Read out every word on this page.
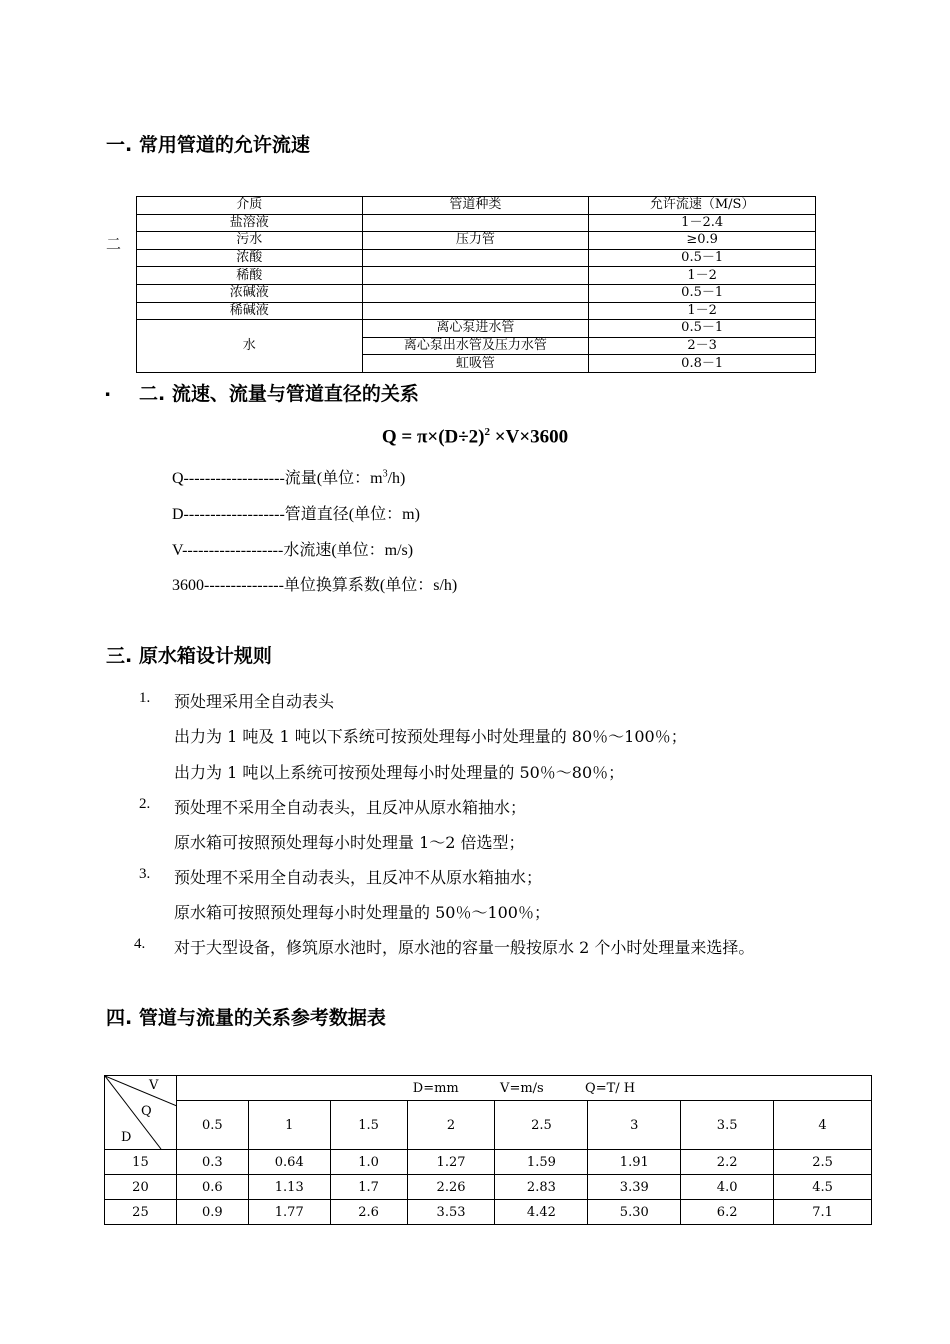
一. 常用管道的允许流速
二
介质	管道种类	允许流速（M/S）
盐溶液		1－2.4
污水	压力管	≥0.9
浓酸		0.5－1
稀酸		1－2
浓碱液		0.5－1
稀碱液		1－2
水	离心泵进水管	0.5－1
	离心泵出水管及压力水管	2－3
	虹吸管	0.8－1
. 二. 流速、流量与管道直径的关系
$Q = \pi\times(D\div 2)^2 \times V\times 3600$
Q-------------------流量(单位：$m^3/h$)
D-------------------管道直径(单位：m)
V-------------------水流速(单位：m/s)
3600---------------单位换算系数(单位：s/h)
三. 原水箱设计规则
1. 预处理采用全自动表头
出力为 1 吨及 1 吨以下系统可按预处理每小时处理量的 80％～100％；
出力为 1 吨以上系统可按预处理每小时处理量的 50％～80％；
2. 预处理不采用全自动表头，且反冲从原水箱抽水；
原水箱可按照预处理每小时处理量 1～2 倍选型；
3. 预处理不采用全自动表头，且反冲不从原水箱抽水；
原水箱可按照预处理每小时处理量的 50％～100％；
4. 对于大型设备，修筑原水池时，原水池的容量一般按原水 2 个小时处理量来选择。
四. 管道与流量的关系参考数据表
V
Q
D	D=mm          V=m/s          Q=T/ H							
	0.5	1	1.5	2	2.5	3	3.5	4
15	0.3	0.64	1.0	1.27	1.59	1.91	2.2	2.5
20	0.6	1.13	1.7	2.26	2.83	3.39	4.0	4.5
25	0.9	1.77	2.6	3.53	4.42	5.30	6.2	7.1
